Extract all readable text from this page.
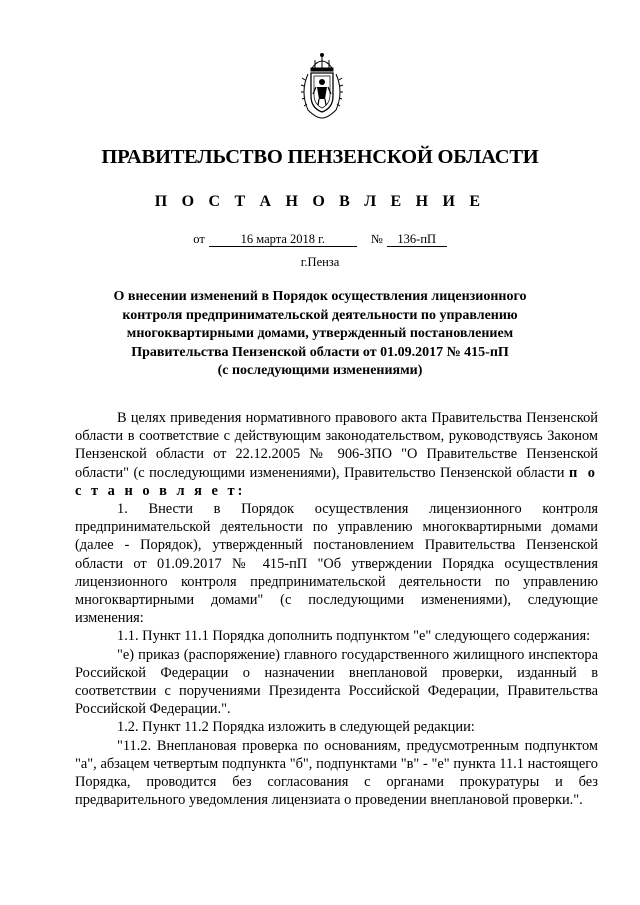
ПРАВИТЕЛЬСТВО ПЕНЗЕНСКОЙ ОБЛАСТИ
П О С Т А Н О В Л Е Н И Е
от	16 марта 2018 г.	№ 136-пП
г.Пенза
О внесении изменений в Порядок осуществления лицензионного
контроля предпринимательской деятельности по управлению
многоквартирными домами, утвержденный постановлением
Правительства Пензенской области от 01.09.2017 № 415-пП
(с последующими изменениями)

В целях приведения нормативного правового акта Правительства Пензенской области в соответствие с действующим законодательством, руководствуясь Законом Пензенской области от 22.12.2005 № 906-ЗПО "О Правительстве Пензенской области" (с последующими изменениями), Правительство Пензенской области п о с т а н о в л я е т:

1. Внести в Порядок осуществления лицензионного контроля предпринимательской деятельности по управлению многоквартирными домами (далее - Порядок), утвержденный постановлением Правительства Пензенской области от 01.09.2017 № 415-пП "Об утверждении Порядка осуществления лицензионного контроля предпринимательской деятельности по управлению многоквартирными домами" (с последующими изменениями), следующие изменения:

1.1. Пункт 11.1 Порядка дополнить подпунктом "е" следующего содержания:

"е) приказ (распоряжение) главного государственного жилищного инспектора Российской Федерации о назначении внеплановой проверки, изданный в соответствии с поручениями Президента Российской Федерации, Правительства Российской Федерации.".

1.2. Пункт 11.2 Порядка изложить в следующей редакции:

"11.2. Внеплановая проверка по основаниям, предусмотренным подпунктом "а", абзацем четвертым подпункта "б", подпунктами "в" - "е" пункта 11.1 настоящего Порядка, проводится без согласования с органами прокуратуры и без предварительного уведомления лицензиата о проведении внеплановой проверки.".
